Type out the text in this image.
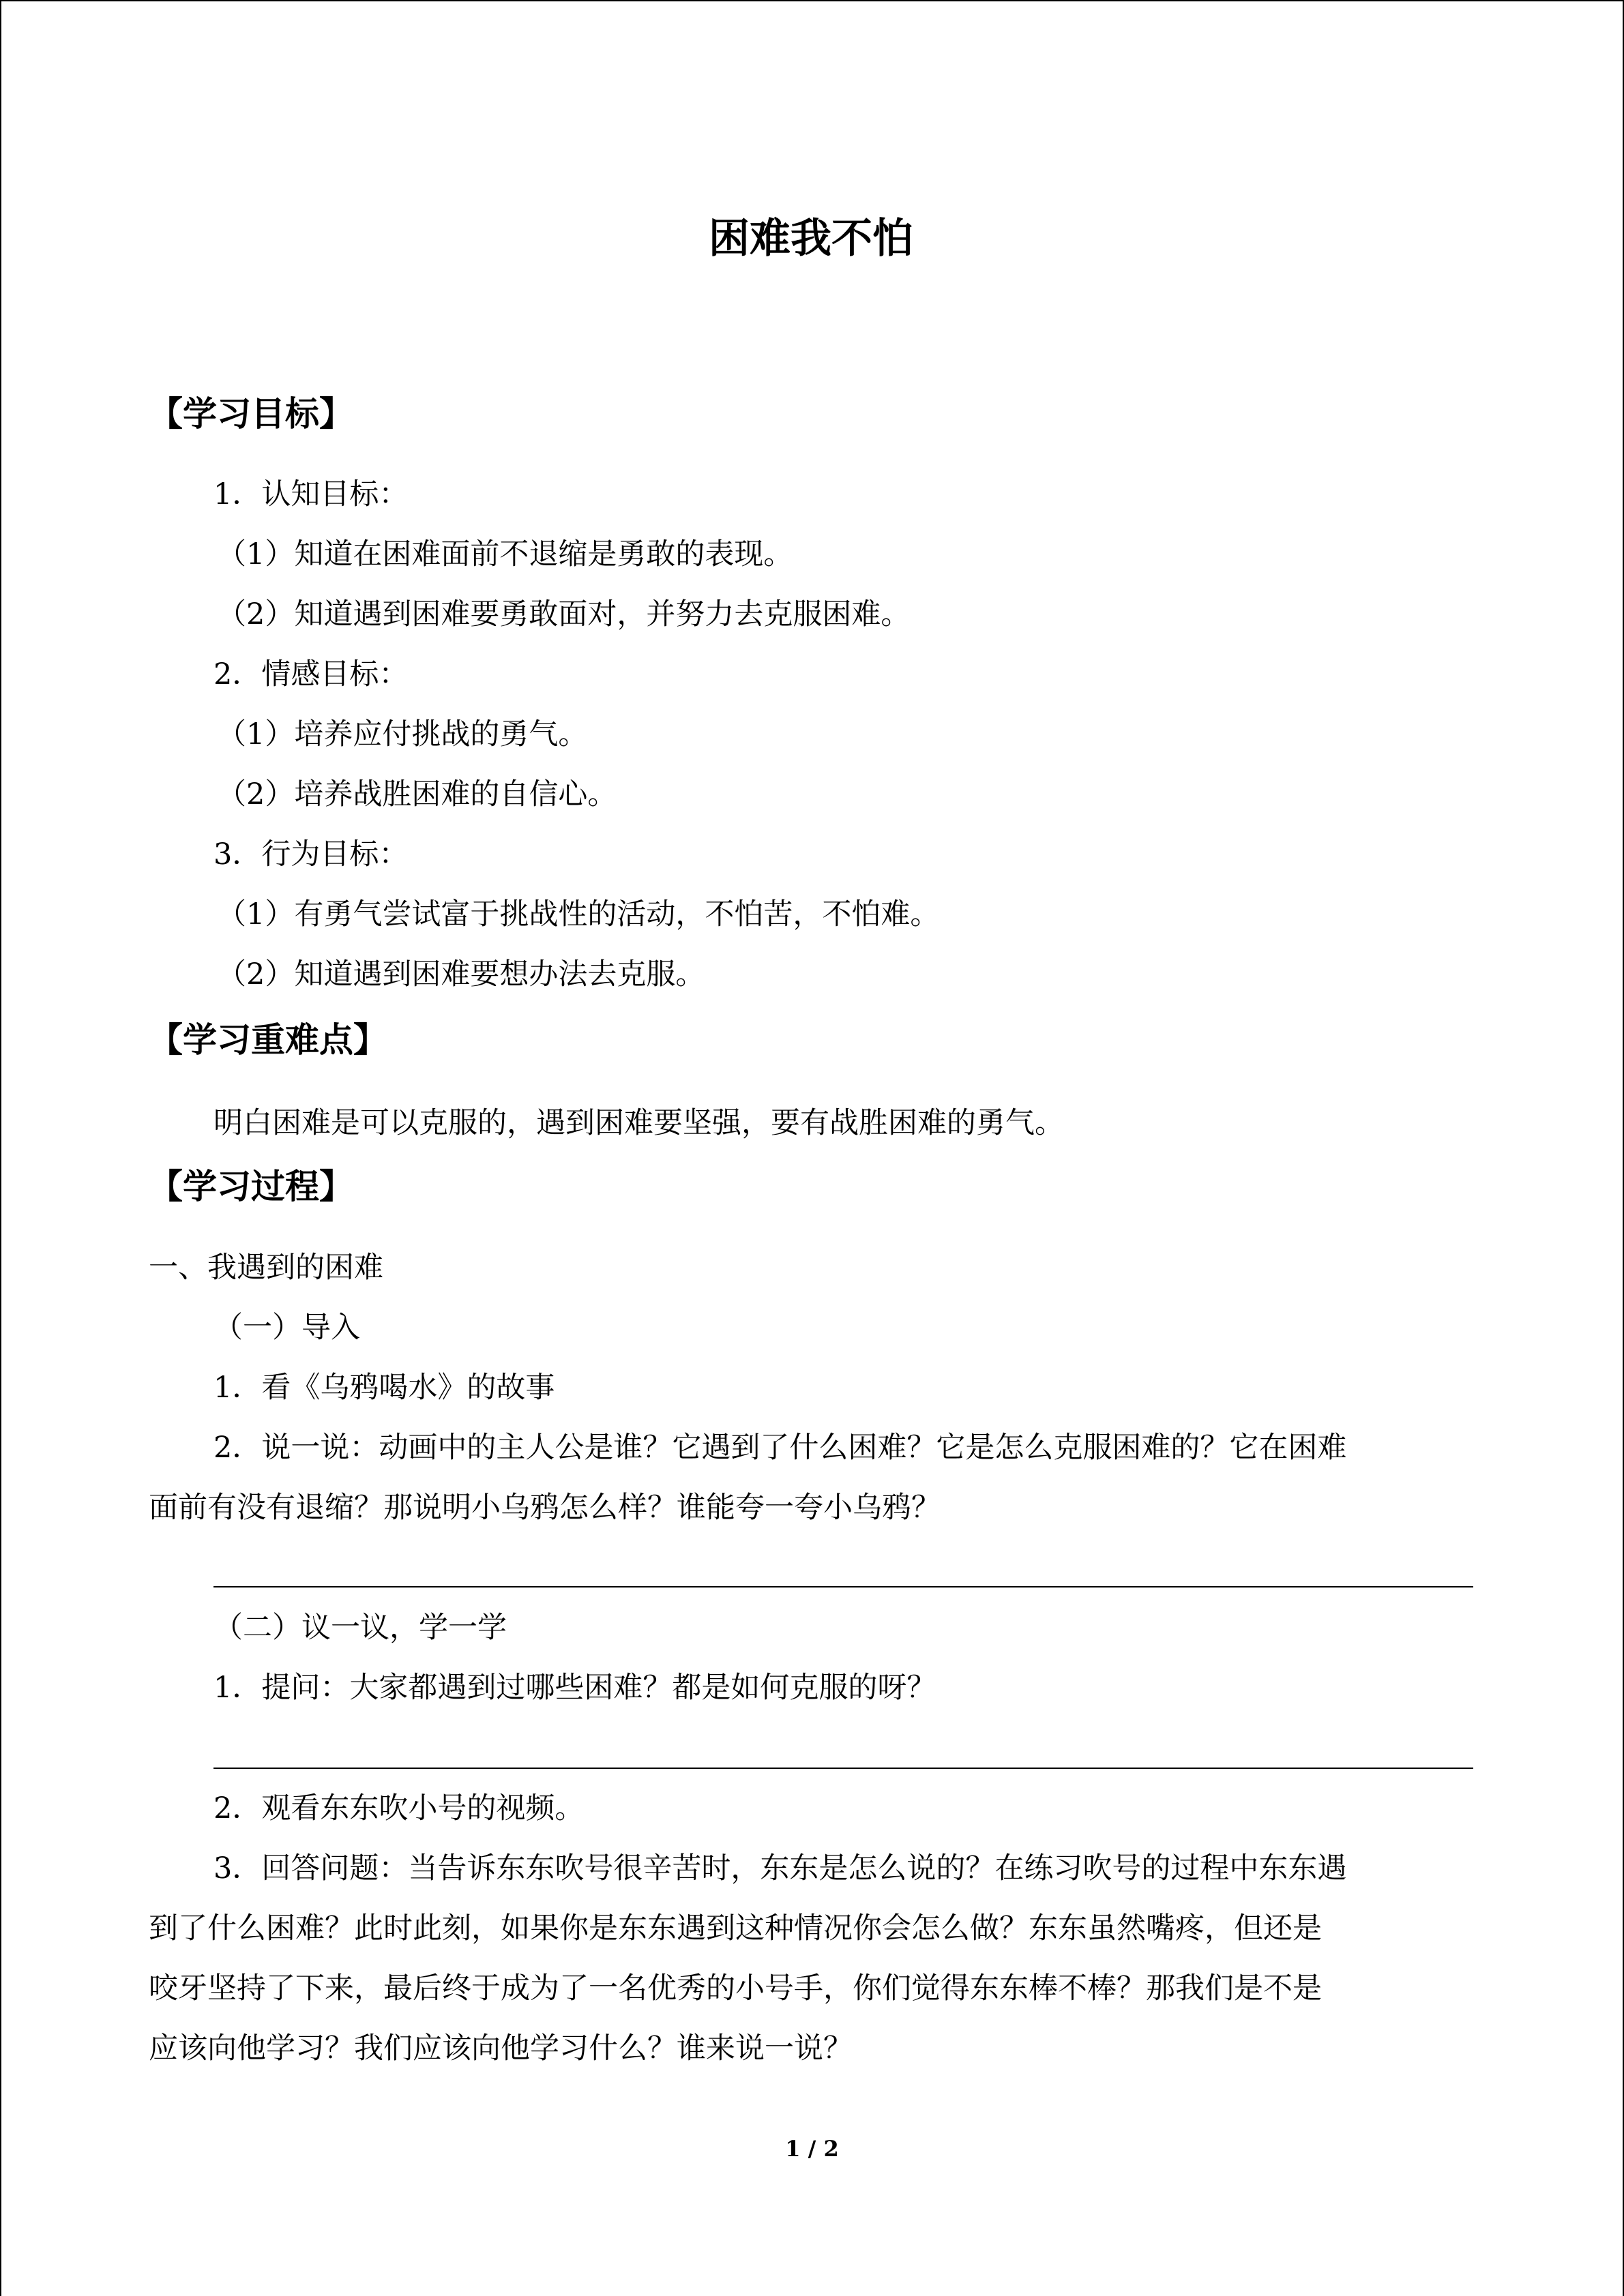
困难我不怕
【学习目标】
1．认知目标：
（1）知道在困难面前不退缩是勇敢的表现。
（2）知道遇到困难要勇敢面对，并努力去克服困难。
2．情感目标：
（1）培养应付挑战的勇气。
（2）培养战胜困难的自信心。
3．行为目标：
（1）有勇气尝试富于挑战性的活动，不怕苦，不怕难。
（2）知道遇到困难要想办法去克服。
【学习重难点】
明白困难是可以克服的，遇到困难要坚强，要有战胜困难的勇气。
【学习过程】
一、我遇到的困难
（一）导入
1．看《乌鸦喝水》的故事
2．说一说：动画中的主人公是谁？它遇到了什么困难？它是怎么克服困难的？它在困难
面前有没有退缩？那说明小乌鸦怎么样？谁能夸一夸小乌鸦？
（二）议一议，学一学
1．提问：大家都遇到过哪些困难？都是如何克服的呀？
2．观看东东吹小号的视频。
3．回答问题：当告诉东东吹号很辛苦时，东东是怎么说的？在练习吹号的过程中东东遇
到了什么困难？此时此刻，如果你是东东遇到这种情况你会怎么做？东东虽然嘴疼，但还是
咬牙坚持了下来，最后终于成为了一名优秀的小号手，你们觉得东东棒不棒？那我们是不是
应该向他学习？我们应该向他学习什么？谁来说一说？
1 / 2
